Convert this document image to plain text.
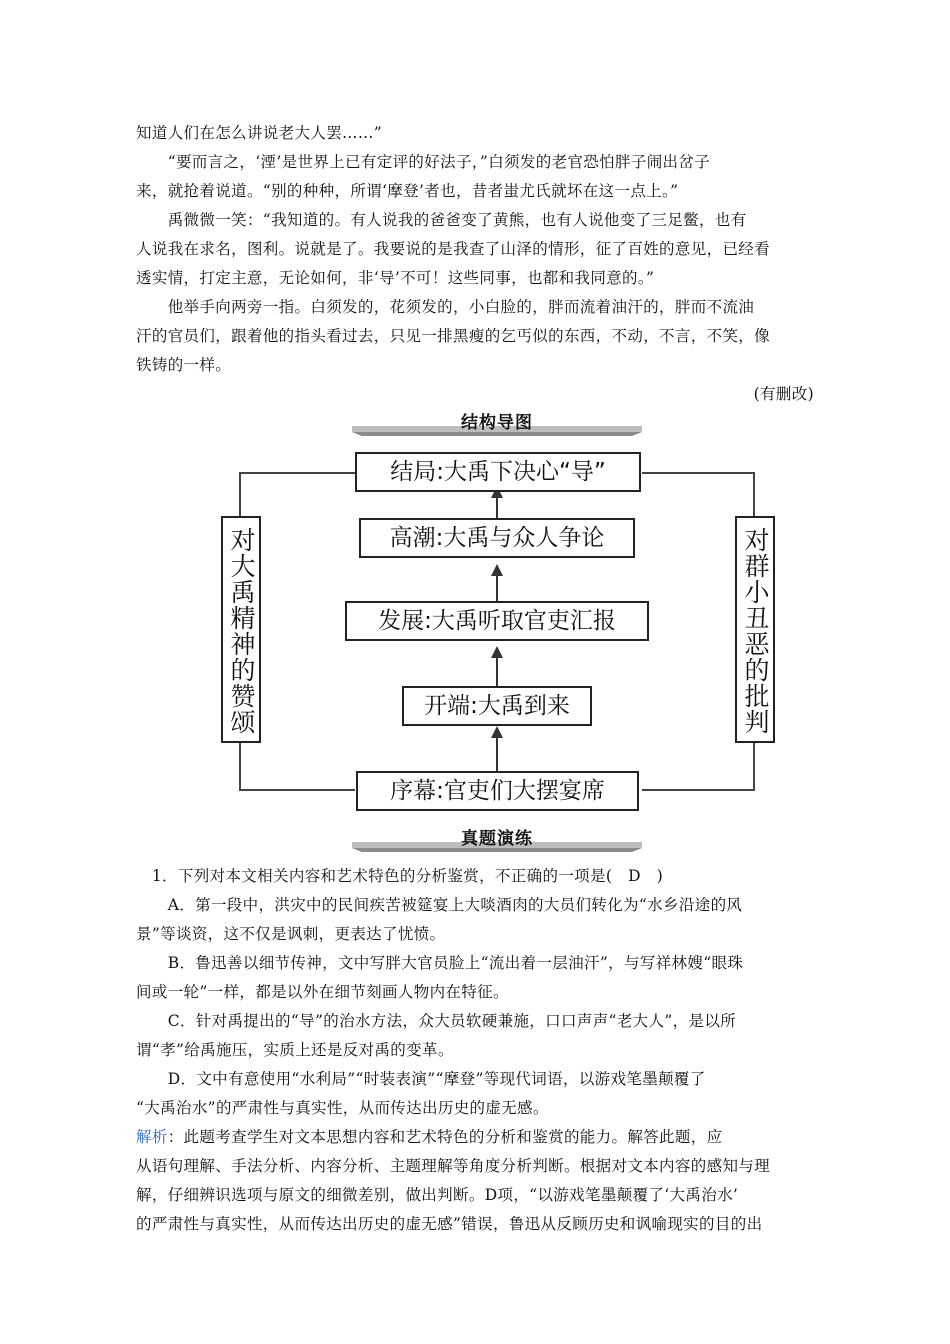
知道人们在怎么讲说老大人罢……”
　　“要而言之，‘湮’是世界上已有定评的好法子，”白须发的老官恐怕胖子闹出岔子
来，就抢着说道。“别的种种，所谓‘摩登’者也，昔者蚩尤氏就坏在这一点上。”
　　禹微微一笑：“我知道的。有人说我的爸爸变了黄熊，也有人说他变了三足鳖，也有
人说我在求名，图利。说就是了。我要说的是我查了山泽的情形，征了百姓的意见，已经看
透实情，打定主意，无论如何，非‘导’不可！这些同事，也都和我同意的。”
　　他举手向两旁一指。白须发的，花须发的，小白脸的，胖而流着油汗的，胖而不流油
汗的官员们，跟着他的指头看过去，只见一排黑瘦的乞丐似的东西，不动，不言，不笑，像
铁铸的一样。
(有删改)
结构导图
结局:大禹下决心“导”
高潮:大禹与众人争论
发展:大禹听取官吏汇报
开端:大禹到来
序幕:官吏们大摆宴席
对大禹精神的赞颂	对群小丑恶的批判
真题演练
　1．下列对本文相关内容和艺术特色的分析鉴赏，不正确的一项是(　D　)
　　A．第一段中，洪灾中的民间疾苦被筵宴上大啖酒肉的大员们转化为“水乡沿途的风
景”等谈资，这不仅是讽刺，更表达了忧愤。
　　B．鲁迅善以细节传神，文中写胖大官员脸上“流出着一层油汗”，与写祥林嫂“眼珠
间或一轮”一样，都是以外在细节刻画人物内在特征。
　　C．针对禹提出的“导”的治水方法，众大员软硬兼施，口口声声“老大人”，是以所
谓“孝”给禹施压，实质上还是反对禹的变革。
　　D．文中有意使用“水利局”“时装表演”“摩登”等现代词语，以游戏笔墨颠覆了
“大禹治水”的严肃性与真实性，从而传达出历史的虚无感。
解析：此题考查学生对文本思想内容和艺术特色的分析和鉴赏的能力。解答此题，应
从语句理解、手法分析、内容分析、主题理解等角度分析判断。根据对文本内容的感知与理
解，仔细辨识选项与原文的细微差别，做出判断。D项，“以游戏笔墨颠覆了‘大禹治水’
的严肃性与真实性，从而传达出历史的虚无感”错误，鲁迅从反顾历史和讽喻现实的目的出
